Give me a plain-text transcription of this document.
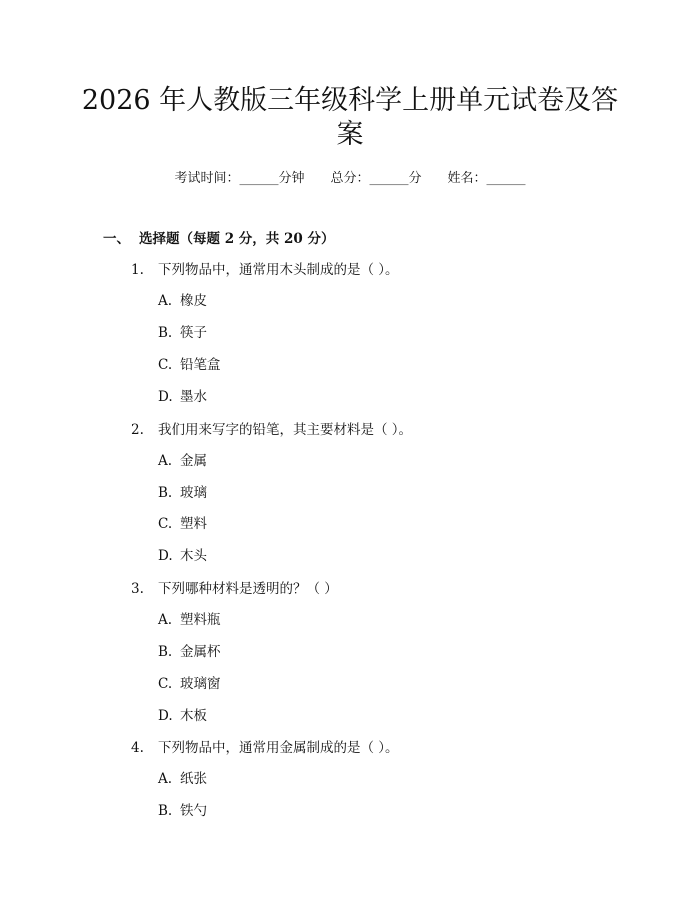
2026 年人教版三年级科学上册单元试卷及答
案
考试时间：______分钟 总分：______分 姓名：______
一、 选择题（每题 2 分，共 20 分）
1. 下列物品中，通常用木头制成的是（ ）。
A. 橡皮
B. 筷子
C. 铅笔盒
D. 墨水
2. 我们用来写字的铅笔，其主要材料是（ ）。
A. 金属
B. 玻璃
C. 塑料
D. 木头
3. 下列哪种材料是透明的？（ ）
A. 塑料瓶
B. 金属杯
C. 玻璃窗
D. 木板
4. 下列物品中，通常用金属制成的是（ ）。
A. 纸张
B. 铁勺
